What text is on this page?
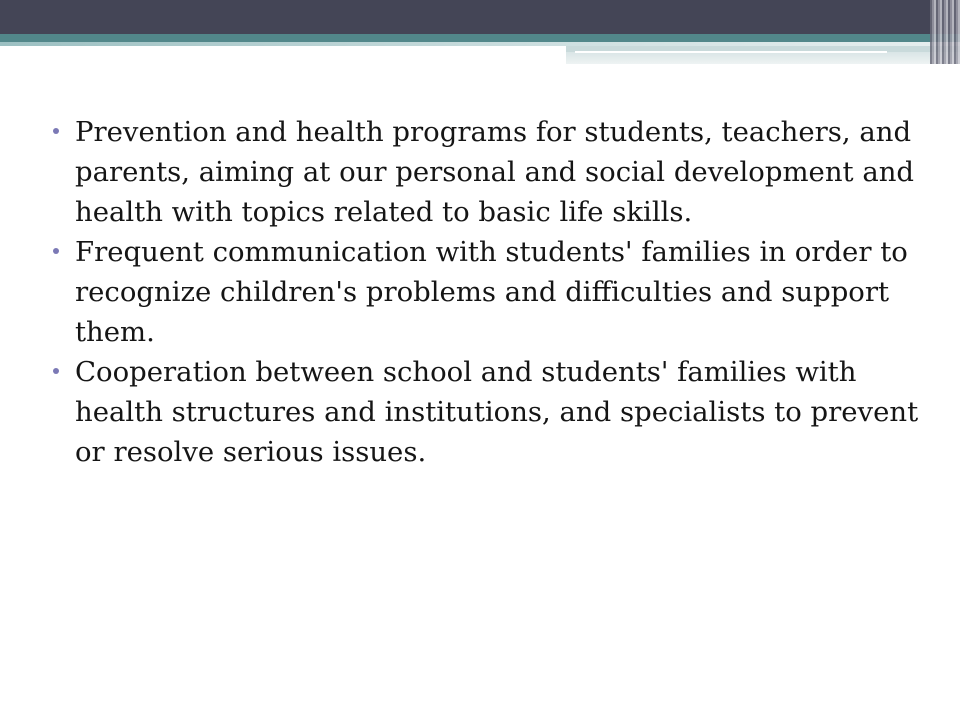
Prevention and health programs for students, teachers, and parents, aiming at our personal and social development and health with topics related to basic life skills.
Frequent communication with students' families in order to recognize children's problems and difficulties and support them.
Cooperation between school and students' families with health structures and institutions, and specialists to prevent or resolve serious issues.
